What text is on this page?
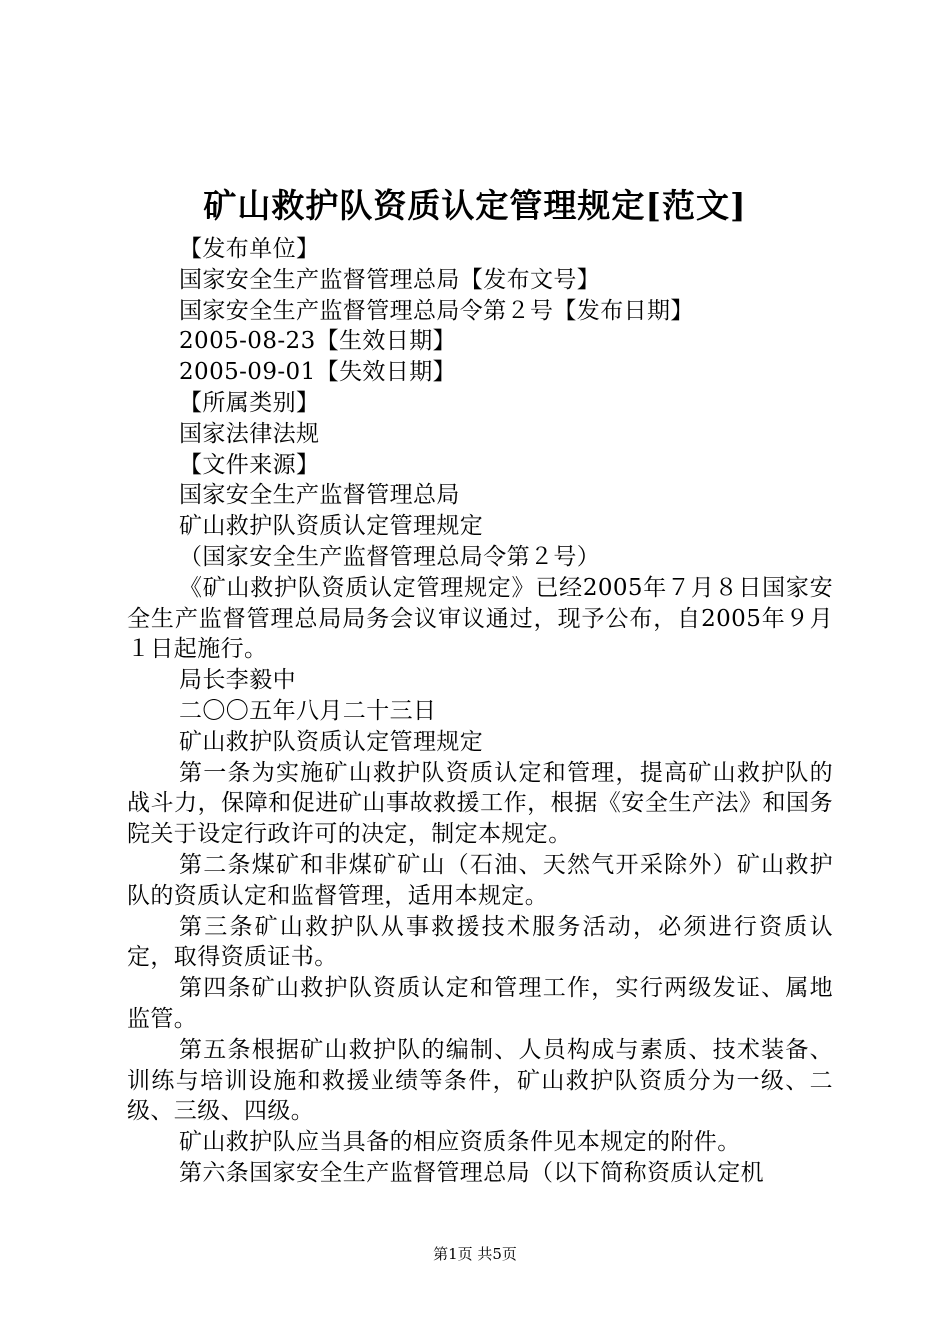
矿山救护队资质认定管理规定[范文]

【发布单位】

国家安全生产监督管理总局【发布文号】

国家安全生产监督管理总局令第２号【发布日期】

2005-08-23【生效日期】

2005-09-01【失效日期】

【所属类别】

国家法律法规

【文件来源】

国家安全生产监督管理总局

矿山救护队资质认定管理规定

（国家安全生产监督管理总局令第２号）

《矿山救护队资质认定管理规定》已经2005年７月８日国家安全生产监督管理总局局务会议审议通过，现予公布，自2005年９月１日起施行。

局长李毅中

二〇〇五年八月二十三日

矿山救护队资质认定管理规定

第一条为实施矿山救护队资质认定和管理，提高矿山救护队的战斗力，保障和促进矿山事故救援工作，根据《安全生产法》和国务院关于设定行政许可的决定，制定本规定。

第二条煤矿和非煤矿矿山（石油、天然气开采除外）矿山救护队的资质认定和监督管理，适用本规定。

第三条矿山救护队从事救援技术服务活动，必须进行资质认定，取得资质证书。

第四条矿山救护队资质认定和管理工作，实行两级发证、属地监管。

第五条根据矿山救护队的编制、人员构成与素质、技术装备、训练与培训设施和救援业绩等条件，矿山救护队资质分为一级、二级、三级、四级。

矿山救护队应当具备的相应资质条件见本规定的附件。

第六条国家安全生产监督管理总局（以下简称资质认定机

第1页 共5页
